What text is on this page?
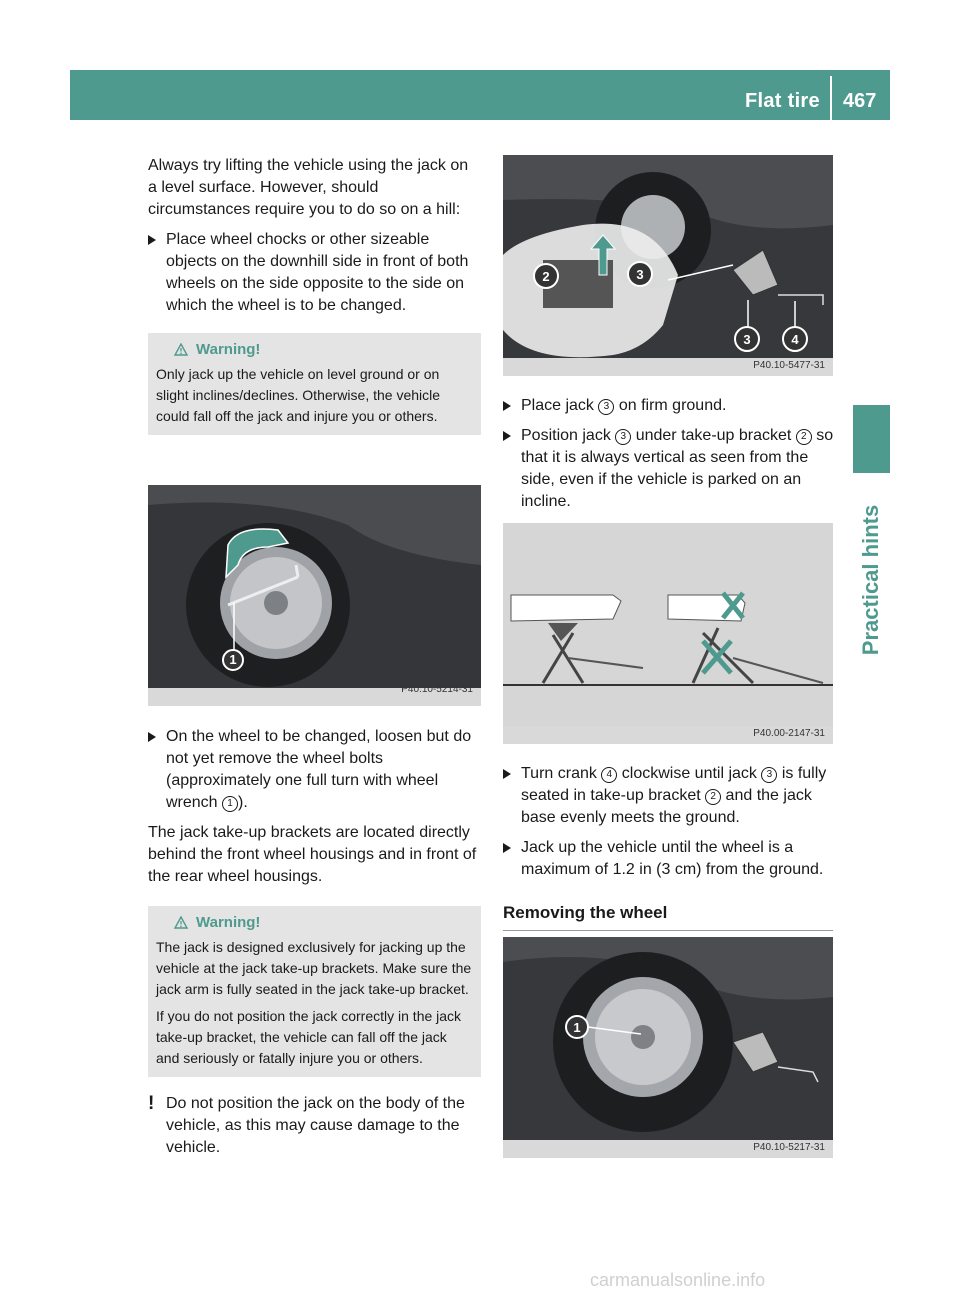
Flat tire 467
Practical hints

Always try lifting the vehicle using the jack on a level surface. However, should circumstances require you to do so on a hill:

Place wheel chocks or other sizeable objects on the downhill side in front of both wheels on the side opposite to the side on which the wheel is to be changed.
Warning!

Only jack up the vehicle on level ground or on slight inclines/declines. Otherwise, the vehicle could fall off the jack and injure you or others.

1
P40.10-5214-31
On the wheel to be changed, loosen but do not yet remove the wheel bolts (approximately one full turn with wheel wrench 1 ).

The jack take-up brackets are located directly behind the front wheel housings and in front of the rear wheel housings.

Warning!

The jack is designed exclusively for jacking up the vehicle at the jack take-up brackets. Make sure the jack arm is fully seated in the jack take-up bracket.

If you do not position the jack correctly in the jack take-up bracket, the vehicle can fall off the jack and seriously or fatally injure you or others.

! Do not position the jack on the body of the vehicle, as this may cause damage to the vehicle.
2	3
3	4
P40.10-5477-31
Place jack 3 on firm ground.
Position jack 3 under take-up bracket 2 so that it is always vertical as seen from the side, even if the vehicle is parked on an incline.
P40.00-2147-31
Turn crank 4 clockwise until jack 3 is fully seated in take-up bracket 2 and the jack base evenly meets the ground.
Jack up the vehicle until the wheel is a maximum of 1.2 in (3 cm) from the ground.
Removing the wheel
1
P40.10-5217-31
carmanualsonline.info
